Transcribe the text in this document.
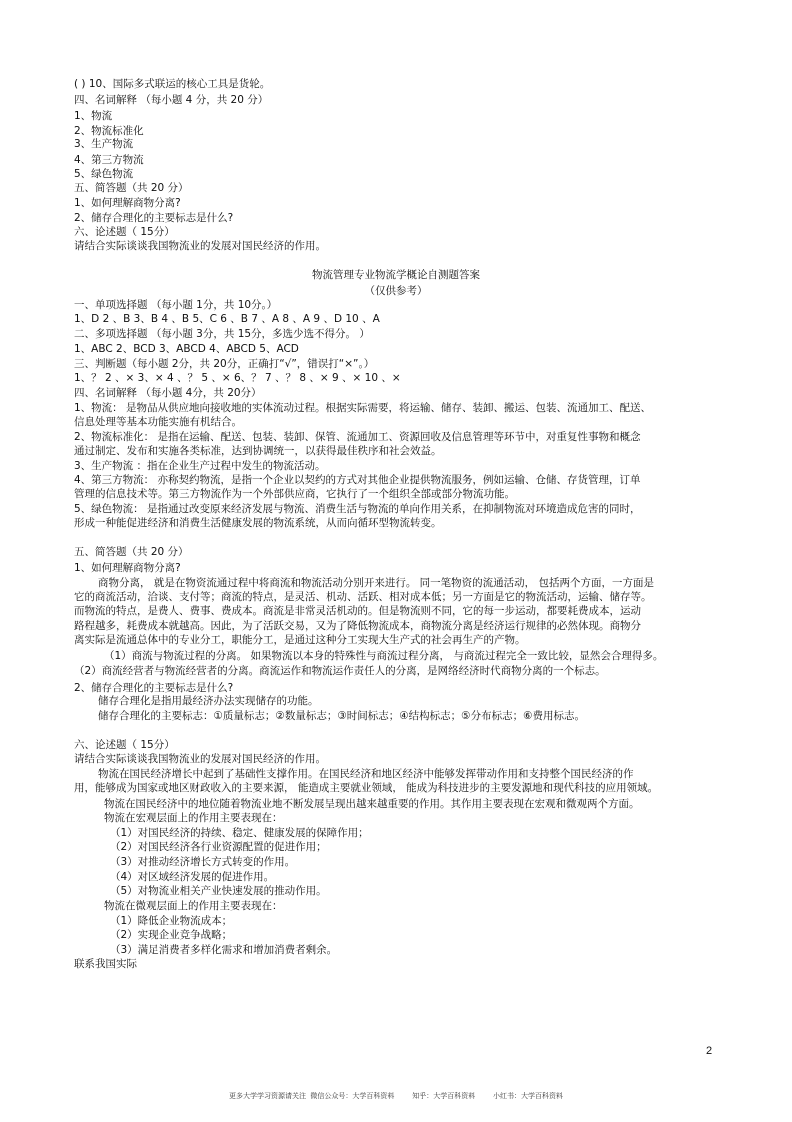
( ) 10、国际多式联运的核心工具是货轮。
四、名词解释 （每小题 4 分，共 20 分）
1、物流
2、物流标准化
3、生产物流
4、第三方物流
5、绿色物流
五、简答题（共 20 分）
1、如何理解商物分离?
2、储存合理化的主要标志是什么?
六、论述题（ 15分）
请结合实际谈谈我国物流业的发展对国民经济的作用。
物流管理专业物流学概论自测题答案
（仅供参考）
一、单项选择题 （每小题 1分，共 10分。）
1、D 2 、B 3、B 4 、B 5、C 6 、B 7 、A 8 、A 9 、D 10 、A
二、多项选择题 （每小题 3分，共 15分，多选少选不得分。 ）
1、ABC 2、BCD 3、ABCD 4、ABCD 5、ACD
三、判断题（每小题 2分，共 20分，正确打“√”，错误打“×”。）
1、？ 2 、× 3、× 4 、？ 5 、× 6、？ 7 、？ 8 、× 9 、× 10 、×
四、名词解释 （每小题 4分，共 20分）
1、物流： 是物品从供应地向接收地的实体流动过程。根据实际需要，将运输、储存、装卸、搬运、包装、流通加工、配送、
信息处理等基本功能实施有机结合。
2、物流标准化： 是指在运输、配送、包装、装卸、保管、流通加工、资源回收及信息管理等环节中，对重复性事物和概念
通过制定、发布和实施各类标准，达到协调统一，以获得最佳秩序和社会效益。
3、生产物流 ：指在企业生产过程中发生的物流活动。
4、第三方物流： 亦称契约物流，是指一个企业以契约的方式对其他企业提供物流服务，例如运输、仓储、存货管理，订单
管理的信息技术等。第三方物流作为一个外部供应商，它执行了一个组织全部或部分物流功能。
5、绿色物流： 是指通过改变原来经济发展与物流、消费生活与物流的单向作用关系，在抑制物流对环境造成危害的同时，
形成一种能促进经济和消费生活健康发展的物流系统，从而向循环型物流转变。
五、简答题（共 20 分）
1、如何理解商物分离?
商物分离， 就是在物资流通过程中将商流和物流活动分别开来进行。 同一笔物资的流通活动， 包括两个方面，一方面是
它的商流活动，洽谈、支付等；商流的特点，是灵活、机动、活跃、相对成本低；另一方面是它的物流活动，运输、储存等。
而物流的特点，是费人、费事、费成本。商流是非常灵活机动的。但是物流则不同，它的每一步运动，都要耗费成本，运动
路程越多，耗费成本就越高。因此，为了活跃交易，又为了降低物流成本，商物流分离是经济运行规律的必然体现。商物分
离实际是流通总体中的专业分工，职能分工，是通过这种分工实现大生产式的社会再生产的产物。
（1）商流与物流过程的分离。 如果物流以本身的特殊性与商流过程分离， 与商流过程完全一致比较，显然会合理得多。
（2）商流经营者与物流经营者的分离。商流运作和物流运作责任人的分离，是网络经济时代商物分离的一个标志。
2、储存合理化的主要标志是什么?
储存合理化是指用最经济办法实现储存的功能。
储存合理化的主要标志：①质量标志；②数量标志；③时间标志；④结构标志；⑤分布标志；⑥费用标志。
六、论述题（ 15分）
请结合实际谈谈我国物流业的发展对国民经济的作用。
物流在国民经济增长中起到了基础性支撑作用。在国民经济和地区经济中能够发挥带动作用和支持整个国民经济的作
用，能够成为国家或地区财政收入的主要来源， 能造成主要就业领域， 能成为科技进步的主要发源地和现代科技的应用领域。
物流在国民经济中的地位随着物流业地不断发展呈现出越来越重要的作用。其作用主要表现在宏观和微观两个方面。
物流在宏观层面上的作用主要表现在：
（1）对国民经济的持续、稳定、健康发展的保障作用；
（2）对国民经济各行业资源配置的促进作用；
（3）对推动经济增长方式转变的作用。
（4）对区域经济发展的促进作用。
（5）对物流业相关产业快速发展的推动作用。
物流在微观层面上的作用主要表现在：
（1）降低企业物流成本；
（2）实现企业竞争战略；
（3）满足消费者多样化需求和增加消费者剩余。
联系我国实际
2
更多大学学习资源请关注  微信公众号：大学百科资料        知乎：大学百科资料        小红书：大学百科资料
